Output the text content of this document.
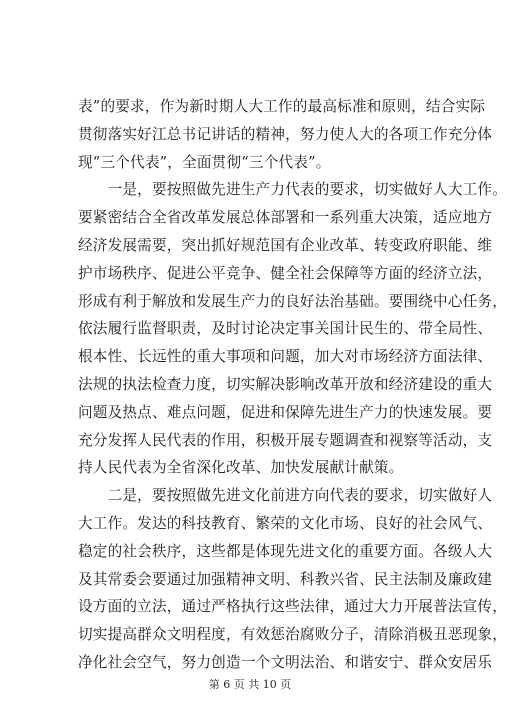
表”的要求，作为新时期人大工作的最高标准和原则，结合实际
贯彻落实好江总书记讲话的精神，努力使人大的各项工作充分体
现“三个代表”，全面贯彻“三个代表”。
　　一是，要按照做先进生产力代表的要求，切实做好人大工作。
要紧密结合全省改革发展总体部署和一系列重大决策，适应地方
经济发展需要，突出抓好规范国有企业改革、转变政府职能、维
护市场秩序、促进公平竞争、健全社会保障等方面的经济立法，
形成有利于解放和发展生产力的良好法治基础。要围绕中心任务，
依法履行监督职责，及时讨论决定事关国计民生的、带全局性、
根本性、长远性的重大事项和问题，加大对市场经济方面法律、
法规的执法检查力度，切实解决影响改革开放和经济建设的重大
问题及热点、难点问题，促进和保障先进生产力的快速发展。要
充分发挥人民代表的作用，积极开展专题调查和视察等活动，支
持人民代表为全省深化改革、加快发展献计献策。
　　二是，要按照做先进文化前进方向代表的要求，切实做好人
大工作。发达的科技教育、繁荣的文化市场、良好的社会风气、
稳定的社会秩序，这些都是体现先进文化的重要方面。各级人大
及其常委会要通过加强精神文明、科教兴省、民主法制及廉政建
设方面的立法，通过严格执行这些法律，通过大力开展普法宣传，
切实提高群众文明程度，有效惩治腐败分子，清除消极丑恶现象，
净化社会空气，努力创造一个文明法治、和谐安宁、群众安居乐
第 6 页 共 10 页
